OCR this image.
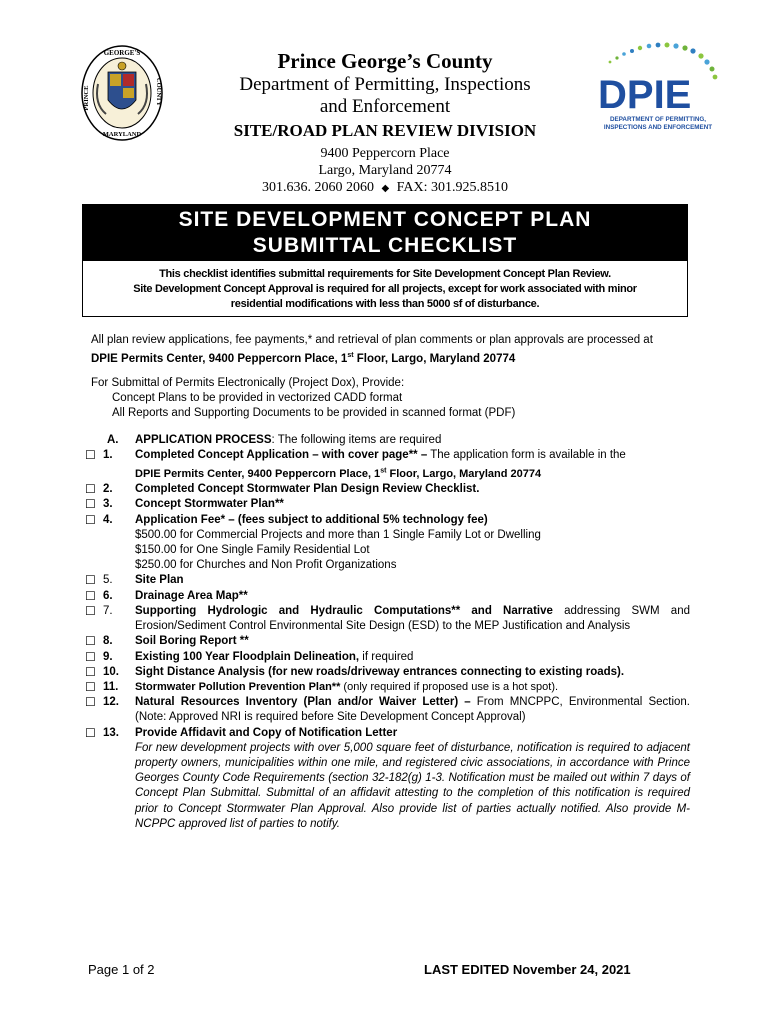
GEORGE'S
PRINCE	COUNTY
MARYLAND
DPIE
DEPARTMENT OF PERMITTING,
INSPECTIONS AND ENFORCEMENT
Prince George’s County
Department of Permitting, Inspections
and Enforcement
SITE/ROAD PLAN REVIEW DIVISION
9400 Peppercorn Place
Largo, Maryland 20774
301.636. 2060 2060 ◆ FAX: 301.925.8510
SITE DEVELOPMENT CONCEPT PLAN
SUBMITTAL CHECKLIST
This checklist identifies submittal requirements for Site Development Concept Plan Review.
Site Development Concept Approval is required for all projects, except for work associated with minor
residential modifications with less than 5000 sf of disturbance.
All plan review applications, fee payments,* and retrieval of plan comments or plan approvals are processed at
DPIE Permits Center, 9400 Peppercorn Place, 1st Floor, Largo, Maryland 20774
For Submittal of Permits Electronically (Project Dox), Provide:
Concept Plans to be provided in vectorized CADD format
All Reports and Supporting Documents to be provided in scanned format (PDF)
A.	APPLICATION PROCESS: The following items are required
☐ 1.	Completed Concept Application – with cover page** – The application form is available in the
DPIE Permits Center, 9400 Peppercorn Place, 1st Floor, Largo, Maryland 20774
☐ 2.	Completed Concept Stormwater Plan Design Review Checklist.
☐ 3.	Concept Stormwater Plan**
☐ 4.	Application Fee* – (fees subject to additional 5% technology fee)
$500.00 for Commercial Projects and more than 1 Single Family Lot or Dwelling
$150.00 for One Single Family Residential Lot
$250.00 for Churches and Non Profit Organizations
☐ 5.	Site Plan
☐ 6.	Drainage Area Map**
☐ 7.	Supporting Hydrologic and Hydraulic Computations** and Narrative addressing SWM and Erosion/Sediment Control Environmental Site Design (ESD) to the MEP Justification and Analysis
☐ 8.	Soil Boring Report **
☐ 9.	Existing 100 Year Floodplain Delineation, if required
☐ 10.	Sight Distance Analysis (for new roads/driveway entrances connecting to existing roads).
☐ 11.	Stormwater Pollution Prevention Plan** (only required if proposed use is a hot spot).
☐ 12.	Natural Resources Inventory (Plan and/or Waiver Letter) – From MNCPPC, Environmental Section. (Note: Approved NRI is required before Site Development Concept Approval)
☐ 13.	Provide Affidavit and Copy of Notification Letter
For new development projects with over 5,000 square feet of disturbance, notification is required to adjacent property owners, municipalities within one mile, and registered civic associations, in accordance with Prince Georges County Code Requirements (section 32-182(g) 1-3. Notification must be mailed out within 7 days of Concept Plan Submittal. Submittal of an affidavit attesting to the completion of this notification is required prior to Concept Stormwater Plan Approval. Also provide list of parties actually notified. Also provide M-NCPPC approved list of parties to notify.
Page 1 of 2	LAST EDITED November 24, 2021
